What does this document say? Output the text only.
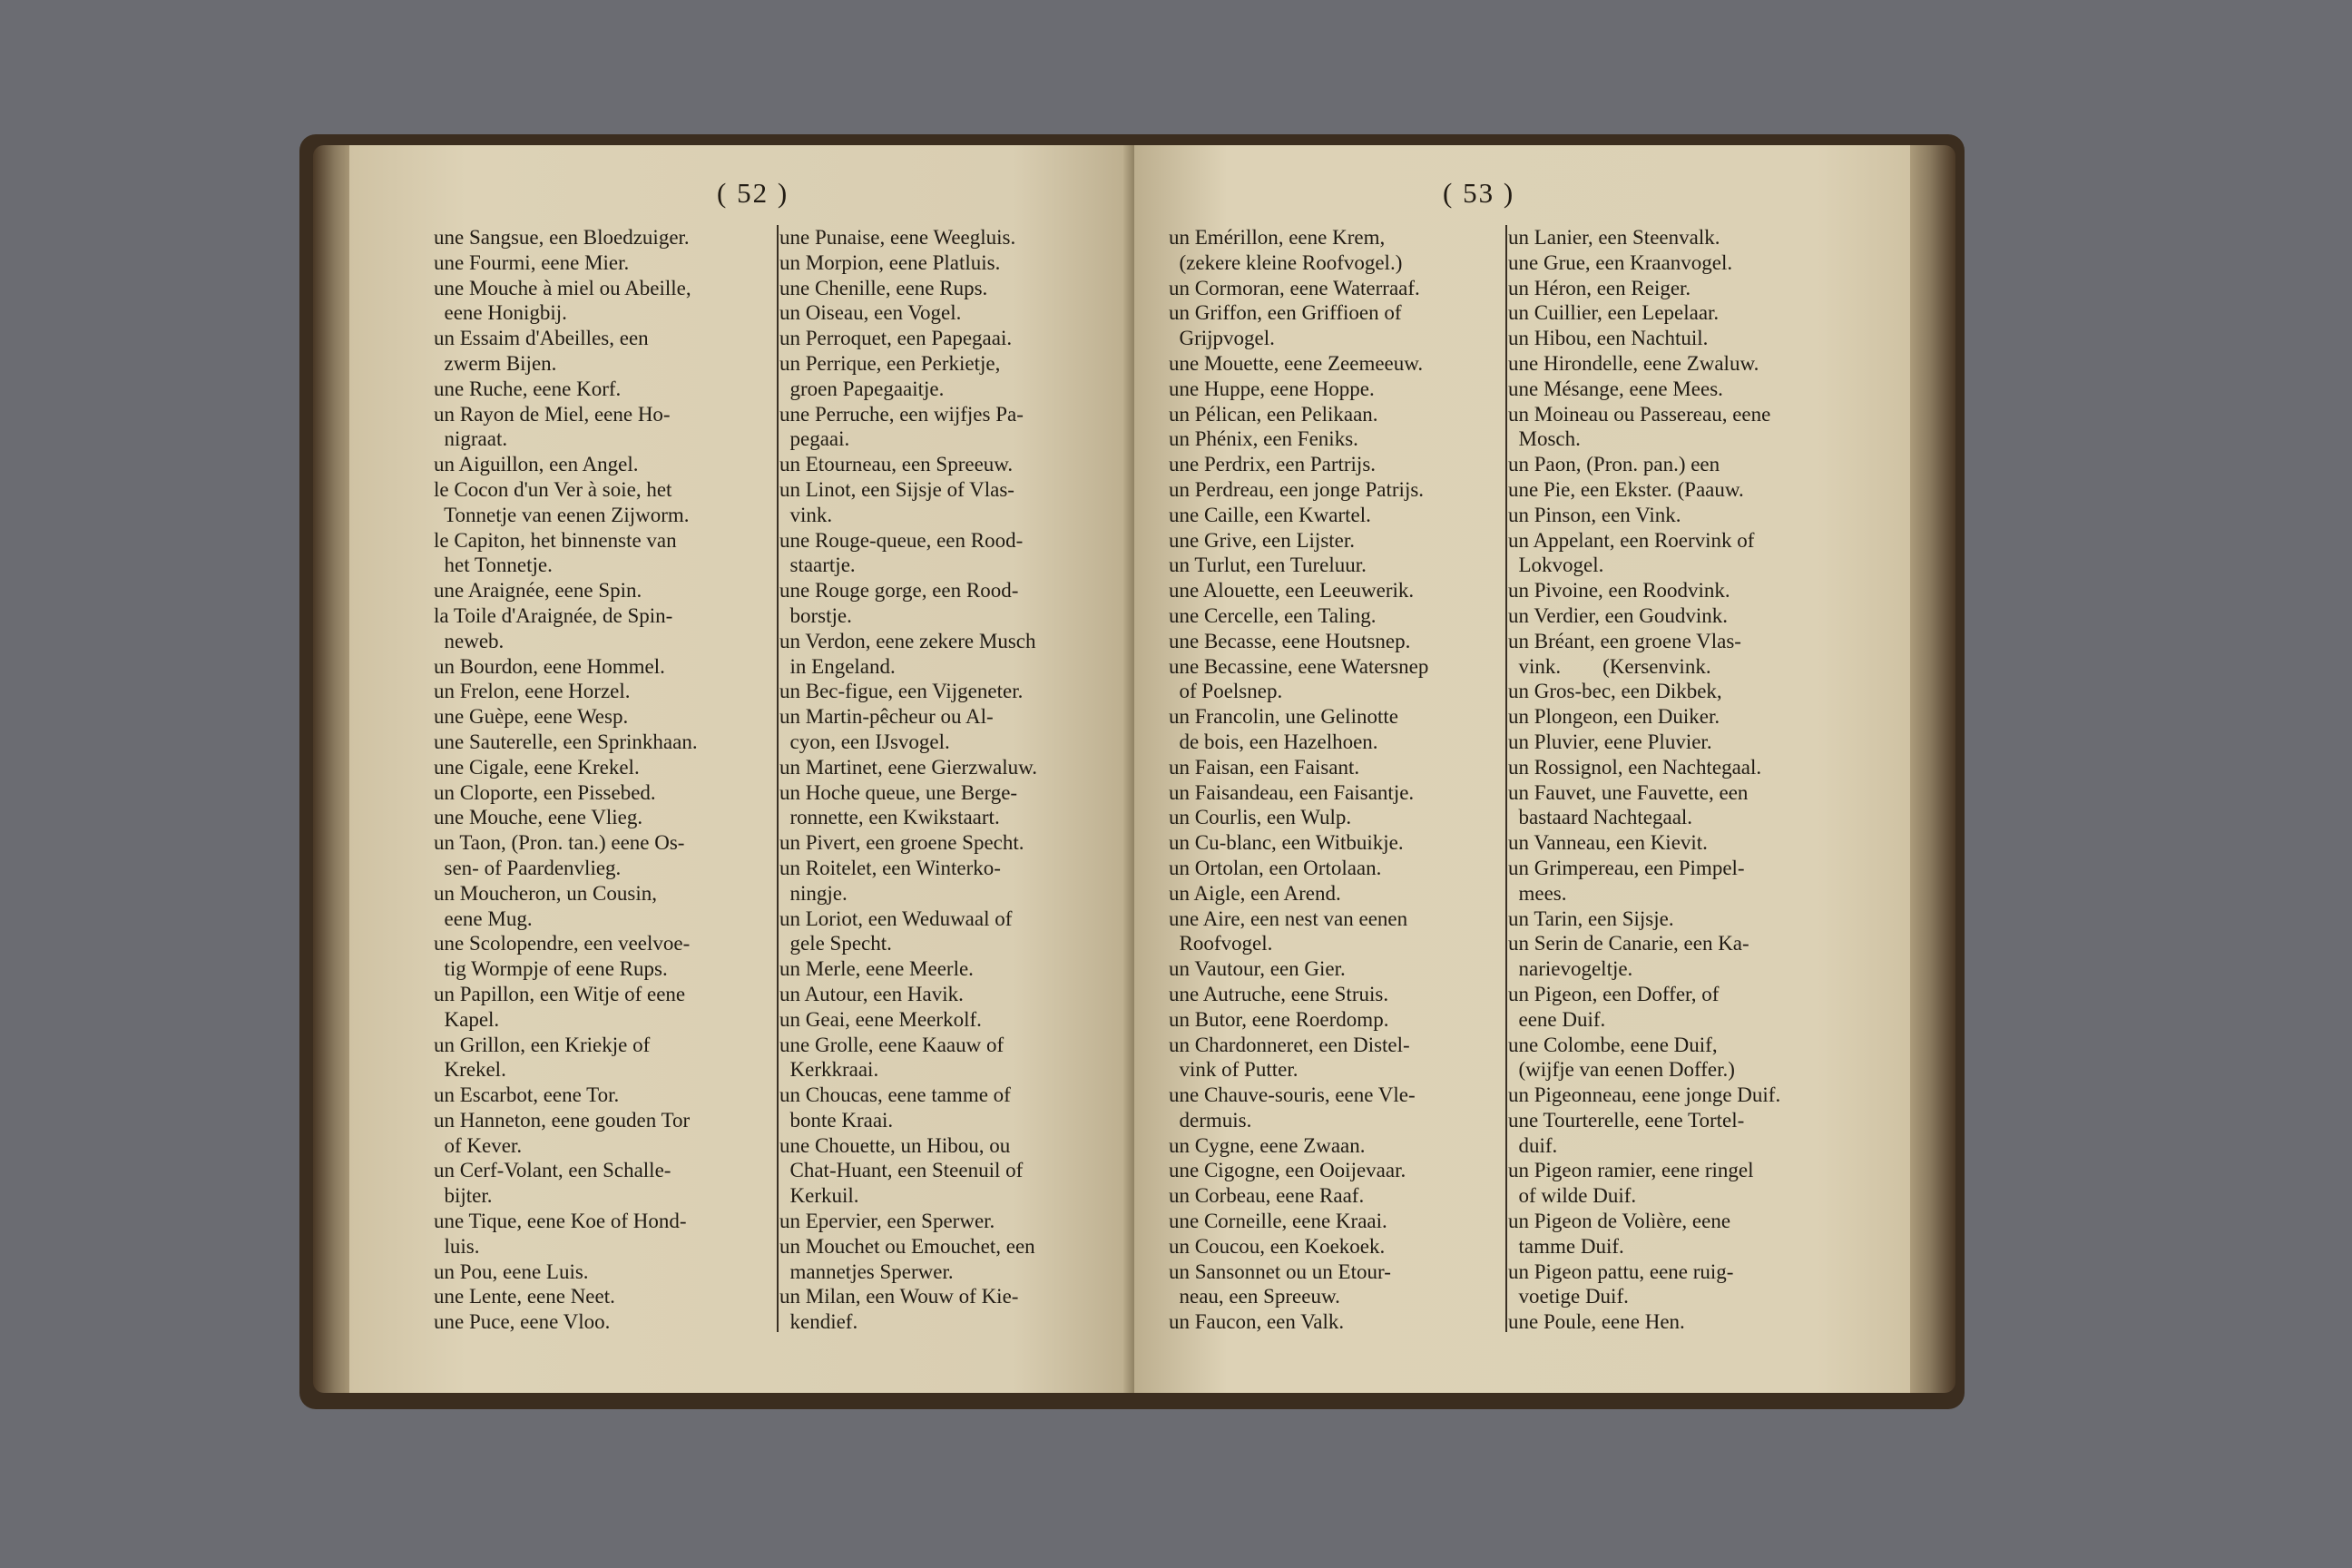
( 52 )
une Sangsue, een Bloedzuiger.
une Fourmi, eene Mier.
une Mouche à miel ou Abeille,
eene Honigbij.
un Essaim d'Abeilles, een
zwerm Bijen.
une Ruche, eene Korf.
un Rayon de Miel, eene Ho-
nigraat.
un Aiguillon, een Angel.
le Cocon d'un Ver à soie, het
Tonnetje van eenen Zijworm.
le Capiton, het binnenste van
het Tonnetje.
une Araignée, eene Spin.
la Toile d'Araignée, de Spin-
neweb.
un Bourdon, eene Hommel.
un Frelon, eene Horzel.
une Guèpe, eene Wesp.
une Sauterelle, een Sprinkhaan.
une Cigale, eene Krekel.
un Cloporte, een Pissebed.
une Mouche, eene Vlieg.
un Taon, (Pron. tan.) eene Os-
sen- of Paardenvlieg.
un Moucheron, un Cousin,
eene Mug.
une Scolopendre, een veelvoe-
tig Wormpje of eene Rups.
un Papillon, een Witje of eene
Kapel.
un Grillon, een Kriekje of
Krekel.
un Escarbot, eene Tor.
un Hanneton, eene gouden Tor
of Kever.
un Cerf-Volant, een Schalle-
bijter.
une Tique, eene Koe of Hond-
luis.
un Pou, eene Luis.
une Lente, eene Neet.
une Puce, eene Vloo.
une Punaise, eene Weegluis.
un Morpion, eene Platluis.
une Chenille, eene Rups.
un Oiseau, een Vogel.
un Perroquet, een Papegaai.
un Perrique, een Perkietje,
groen Papegaaitje.
une Perruche, een wijfjes Pa-
pegaai.
un Etourneau, een Spreeuw.
un Linot, een Sijsje of Vlas-
vink.
une Rouge-queue, een Rood-
staartje.
une Rouge gorge, een Rood-
borstje.
un Verdon, eene zekere Musch
in Engeland.
un Bec-figue, een Vijgeneter.
un Martin-pêcheur ou Al-
cyon, een IJsvogel.
un Martinet, eene Gierzwaluw.
un Hoche queue, une Berge-
ronnette, een Kwikstaart.
un Pivert, een groene Specht.
un Roitelet, een Winterko-
ningje.
un Loriot, een Weduwaal of
gele Specht.
un Merle, eene Meerle.
un Autour, een Havik.
un Geai, eene Meerkolf.
une Grolle, eene Kaauw of
Kerkkraai.
un Choucas, eene tamme of
bonte Kraai.
une Chouette, un Hibou, ou
Chat-Huant, een Steenuil of
Kerkuil.
un Epervier, een Sperwer.
un Mouchet ou Emouchet, een
mannetjes Sperwer.
un Milan, een Wouw of Kie-
kendief.
( 53 )
un Emérillon, eene Krem,
(zekere kleine Roofvogel.)
un Cormoran, eene Waterraaf.
un Griffon, een Griffioen of
Grijpvogel.
une Mouette, eene Zeemeeuw.
une Huppe, eene Hoppe.
un Pélican, een Pelikaan.
un Phénix, een Feniks.
une Perdrix, een Partrijs.
un Perdreau, een jonge Patrijs.
une Caille, een Kwartel.
une Grive, een Lijster.
un Turlut, een Tureluur.
une Alouette, een Leeuwerik.
une Cercelle, een Taling.
une Becasse, eene Houtsnep.
une Becassine, eene Watersnep
of Poelsnep.
un Francolin, une Gelinotte
de bois, een Hazelhoen.
un Faisan, een Faisant.
un Faisandeau, een Faisantje.
un Courlis, een Wulp.
un Cu-blanc, een Witbuikje.
un Ortolan, een Ortolaan.
un Aigle, een Arend.
une Aire, een nest van eenen
Roofvogel.
un Vautour, een Gier.
une Autruche, eene Struis.
un Butor, eene Roerdomp.
un Chardonneret, een Distel-
vink of Putter.
une Chauve-souris, eene Vle-
dermuis.
un Cygne, eene Zwaan.
une Cigogne, een Ooijevaar.
un Corbeau, eene Raaf.
une Corneille, eene Kraai.
un Coucou, een Koekoek.
un Sansonnet ou un Etour-
neau, een Spreeuw.
un Faucon, een Valk.
un Lanier, een Steenvalk.
une Grue, een Kraanvogel.
un Héron, een Reiger.
un Cuillier, een Lepelaar.
un Hibou, een Nachtuil.
une Hirondelle, eene Zwaluw.
une Mésange, eene Mees.
un Moineau ou Passereau, eene
Mosch.
un Paon, (Pron. pan.) een
une Pie, een Ekster. (Paauw.
un Pinson, een Vink.
un Appelant, een Roervink of
Lokvogel.
un Pivoine, een Roodvink.
un Verdier, een Goudvink.
un Bréant, een groene Vlas-
vink.        (Kersenvink.
un Gros-bec, een Dikbek,
un Plongeon, een Duiker.
un Pluvier, eene Pluvier.
un Rossignol, een Nachtegaal.
un Fauvet, une Fauvette, een
bastaard Nachtegaal.
un Vanneau, een Kievit.
un Grimpereau, een Pimpel-
mees.
un Tarin, een Sijsje.
un Serin de Canarie, een Ka-
narievogeltje.
un Pigeon, een Doffer, of
eene Duif.
une Colombe, eene Duif,
(wijfje van eenen Doffer.)
un Pigeonneau, eene jonge Duif.
une Tourterelle, eene Tortel-
duif.
un Pigeon ramier, eene ringel
of wilde Duif.
un Pigeon de Volière, eene
tamme Duif.
un Pigeon pattu, eene ruig-
voetige Duif.
une Poule, eene Hen.
